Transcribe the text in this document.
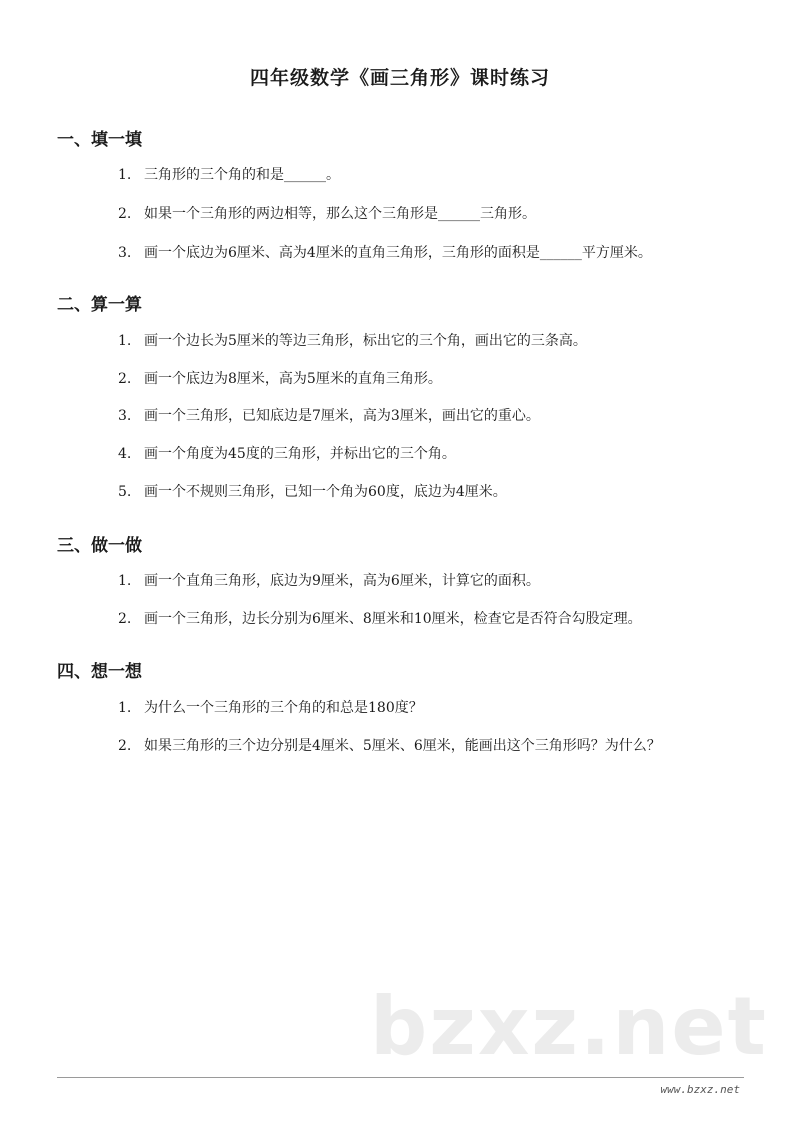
四年级数学《画三角形》课时练习
一、填一填
1. 三角形的三个角的和是______。
2. 如果一个三角形的两边相等，那么这个三角形是______三角形。
3. 画一个底边为6厘米、高为4厘米的直角三角形，三角形的面积是______平方厘米。
二、算一算
1. 画一个边长为5厘米的等边三角形，标出它的三个角，画出它的三条高。
2. 画一个底边为8厘米，高为5厘米的直角三角形。
3. 画一个三角形，已知底边是7厘米，高为3厘米，画出它的重心。
4. 画一个角度为45度的三角形，并标出它的三个角。
5. 画一个不规则三角形，已知一个角为60度，底边为4厘米。
三、做一做
1. 画一个直角三角形，底边为9厘米，高为6厘米，计算它的面积。
2. 画一个三角形，边长分别为6厘米、8厘米和10厘米，检查它是否符合勾股定理。
四、想一想
1. 为什么一个三角形的三个角的和总是180度？
2. 如果三角形的三个边分别是4厘米、5厘米、6厘米，能画出这个三角形吗？为什么？
bzxz.net
www.bzxz.net
